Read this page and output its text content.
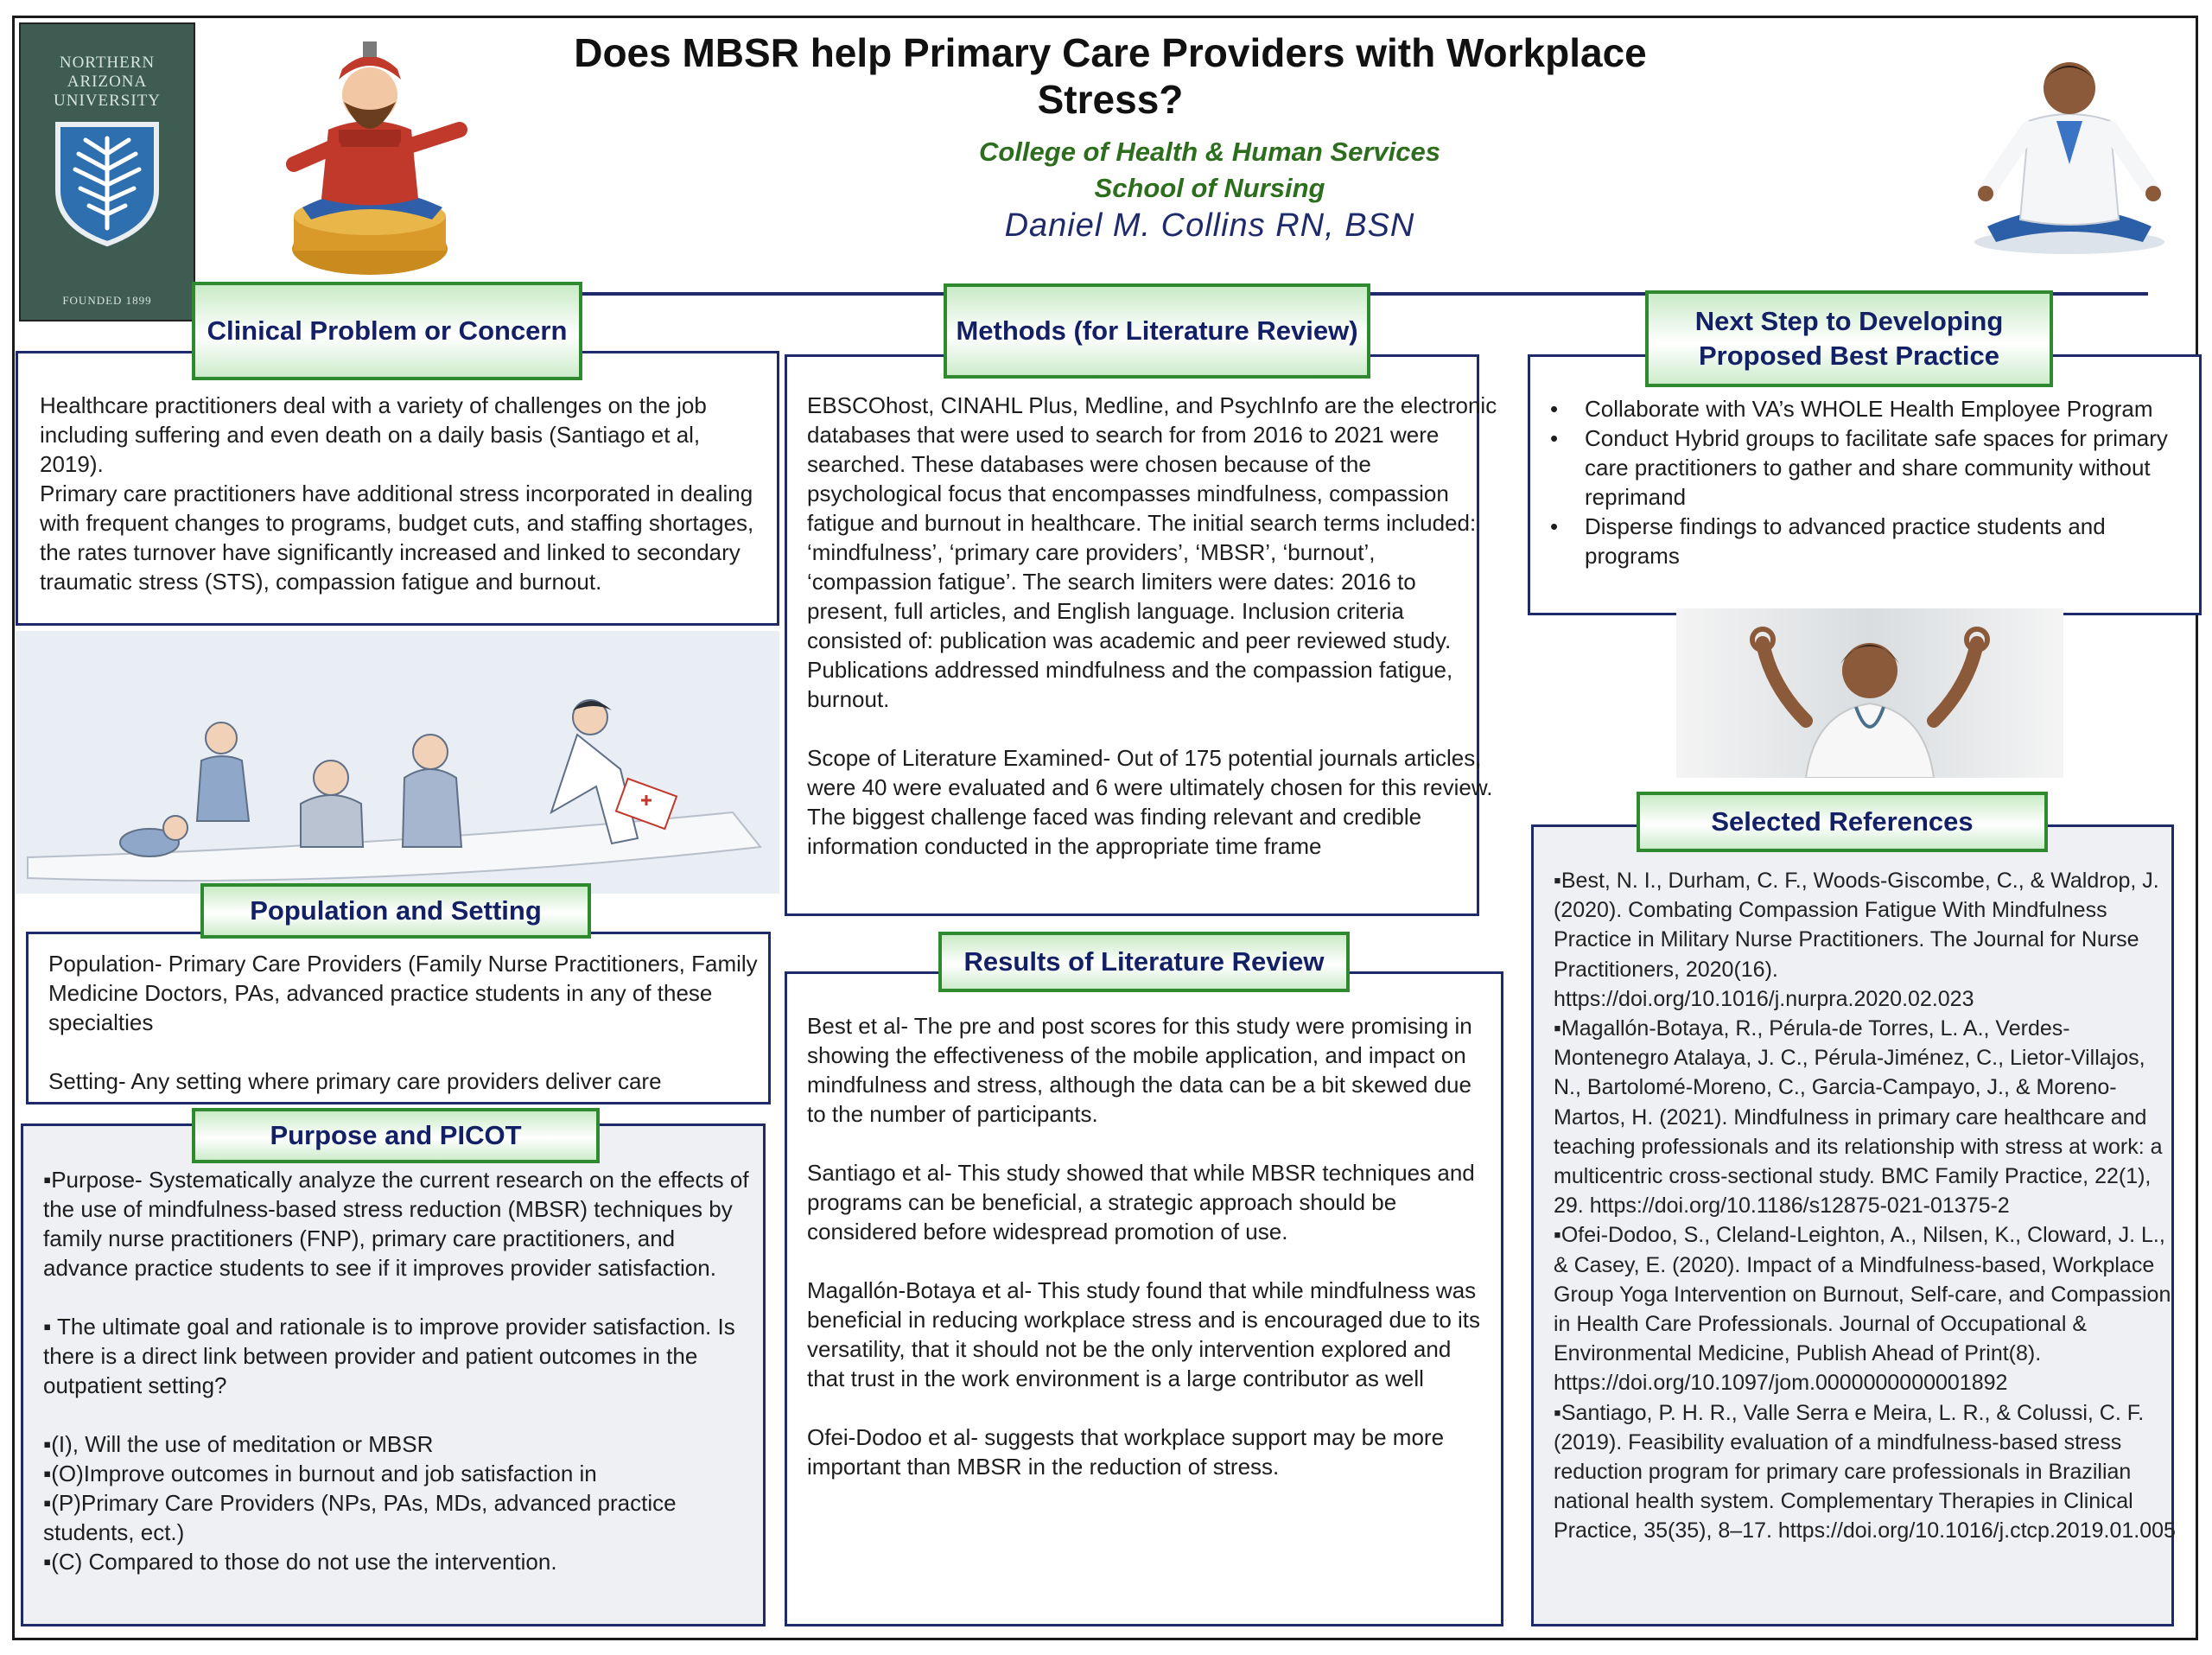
NORTHERN
ARIZONA
UNIVERSITY
FOUNDED 1899
Does MBSR help Primary Care Providers with Workplace Stress?
College of Health & Human Services
School of Nursing
Daniel M. Collins RN, BSN

Healthcare practitioners deal with a variety of challenges on the job including suffering and even death on a daily basis (Santiago et al, 2019).

Primary care practitioners have additional stress incorporated in dealing with frequent changes to programs, budget cuts, and staffing shortages, the rates turnover have significantly increased and linked to secondary traumatic stress (STS), compassion fatigue and burnout.

Clinical Problem or Concern

Population- Primary Care Providers (Family Nurse Practitioners, Family Medicine Doctors, PAs, advanced practice students in any of these specialties

Setting- Any setting where primary care providers deliver care

Population and Setting

▪Purpose- Systematically analyze the current research on the effects of the use of mindfulness-based stress reduction (MBSR) techniques by family nurse practitioners (FNP), primary care practitioners, and advance practice students to see if it improves provider satisfaction.

▪ The ultimate goal and rationale is to improve provider satisfaction. Is there is a direct link between provider and patient outcomes in the outpatient setting?

▪(I), Will the use of meditation or MBSR

▪(O)Improve outcomes in burnout and job satisfaction in

▪(P)Primary Care Providers (NPs, PAs, MDs, advanced practice students, ect.)

▪(C) Compared to those do not use the intervention.

Purpose and PICOT

EBSCOhost, CINAHL Plus, Medline, and PsychInfo are the electronic databases that were used to search for from 2016 to 2021 were searched. These databases were chosen because of the psychological focus that encompasses mindfulness, compassion fatigue and burnout in healthcare. The initial search terms included: ‘mindfulness’, ‘primary care providers’, ‘MBSR’, ‘burnout’, ‘compassion fatigue’. The search limiters were dates: 2016 to present, full articles, and English language. Inclusion criteria consisted of: publication was academic and peer reviewed study. Publications addressed mindfulness and the compassion fatigue, burnout.

Scope of Literature Examined- Out of 175 potential journals articles, were 40 were evaluated and 6 were ultimately chosen for this review. The biggest challenge faced was finding relevant and credible information conducted in the appropriate time frame

Methods (for Literature Review)

Best et al- The pre and post scores for this study were promising in showing the effectiveness of the mobile application, and impact on mindfulness and stress, although the data can be a bit skewed due to the number of participants.

Santiago et al- This study showed that while MBSR techniques and programs can be beneficial, a strategic approach should be considered before widespread promotion of use.

Magallón-Botaya et al- This study found that while mindfulness was beneficial in reducing workplace stress and is encouraged due to its versatility, that it should not be the only intervention explored and that trust in the work environment is a large contributor as well

Ofei-Dodoo et al- suggests that workplace support may be more important than MBSR in the reduction of stress.

Results of Literature Review
• Collaborate with VA’s WHOLE Health Employee Program
• Conduct Hybrid groups to facilitate safe spaces for primary care practitioners to gather and share community without reprimand
• Disperse findings to advanced practice students and programs
Next Step to Developing Proposed Best Practice

▪Best, N. I., Durham, C. F., Woods-Giscombe, C., & Waldrop, J. (2020). Combating Compassion Fatigue With Mindfulness Practice in Military Nurse Practitioners. The Journal for Nurse Practitioners, 2020(16). https://doi.org/10.1016/j.nurpra.2020.02.023

▪Magallón-Botaya, R., Pérula-de Torres, L. A., Verdes-Montenegro Atalaya, J. C., Pérula-Jiménez, C., Lietor-Villajos, N., Bartolomé-Moreno, C., Garcia-Campayo, J., & Moreno-Martos, H. (2021). Mindfulness in primary care healthcare and teaching professionals and its relationship with stress at work: a multicentric cross-sectional study. BMC Family Practice, 22(1), 29. https://doi.org/10.1186/s12875-021-01375-2

▪Ofei-Dodoo, S., Cleland-Leighton, A., Nilsen, K., Cloward, J. L., & Casey, E. (2020). Impact of a Mindfulness-based, Workplace Group Yoga Intervention on Burnout, Self-care, and Compassion in Health Care Professionals. Journal of Occupational & Environmental Medicine, Publish Ahead of Print(8). https://doi.org/10.1097/jom.0000000000001892

▪Santiago, P. H. R., Valle Serra e Meira, L. R., & Colussi, C. F. (2019). Feasibility evaluation of a mindfulness-based stress reduction program for primary care professionals in Brazilian national health system. Complementary Therapies in Clinical Practice, 35(35), 8–17. https://doi.org/10.1016/j.ctcp.2019.01.005

Selected References
